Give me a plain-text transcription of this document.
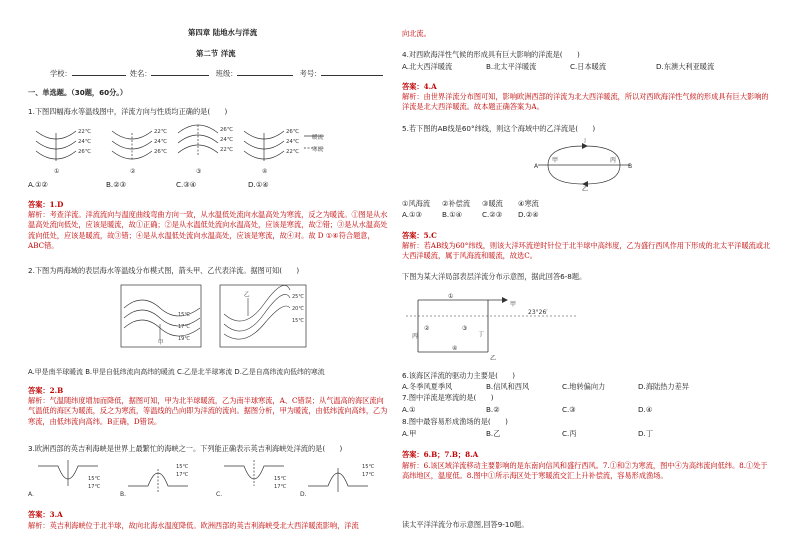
第四章 陆地水与洋流
第二节 洋流
学校：	姓名：	班级：	考号：
一、单选题。（30题，60分。）
1.下图四幅海水等温线图中，洋流方向与性质均正确的是(　　)
22℃
24℃
26℃
22℃
24℃
26℃
26℃
24℃
22℃
26℃
24℃
22℃
暖流
寒流
①	②	③	④
A.①②	B.②③	C.③④	D.①④
答案：1.D
解析：考查洋流。洋流流向与温度曲线弯曲方向一致，从水温低处流向水温高处为寒流，反之为暖流。①图是从水温高处流向低处，应该是暖流，故①正确；②是从水温低处流向水温高处，应该是寒流，故②错；③是从水温高处流向低处，应该是暖流，故③错；④是从水温低处流向水温高处，应该是寒流，故④对。故 D ①④符合题意，ABC错。
2.下图为两海域的表层海水等温线分布模式图，箭头甲、乙代表洋流。据图可知(　　)
甲
15℃
17℃
19℃
乙	25℃
20℃
15℃
A.甲是南半球暖流 B.甲是自低纬流向高纬的暖流 C.乙是北半球寒流 D.乙是自高纬流向低纬的寒流
答案：2.B
解析：气温随纬度增加而降低，据图可知，甲为北半球暖流，乙为南半球寒流，A、C错误；从气温高的海区流向气温低的海区为暖流，反之为寒流，等温线的凸向即为洋流的流向。据图分析，甲为暖流，由低纬流向高纬，乙为寒流，由低纬流向高纬。B正确，D错误。
3.欧洲西部的英吉利海峡是世界上最繁忙的海峡之一。下列能正确表示英吉利海峡处洋流的是(　　)
15℃
17℃
15℃
17℃
15℃
17℃
15℃
17℃
A.	B.	C.	D.
答案：3.A
解析：英吉利海峡位于北半球，故向北海水温度降低。欧洲西部的英吉利海峡受北大西洋暖流影响，洋流
向北流。
4.对西欧海洋性气候的形成具有巨大影响的洋流是(　　)
A.北大西洋暖流	B.北太平洋暖流	C.日本暖流	D.东澳大利亚暖流
答案：4.A
解析：由世界洋流分布图可知，影响欧洲西部的洋流为北大西洋暖流，所以对西欧海洋性气候的形成具有巨大影响的洋流是北大西洋暖流。故本题正确答案为A。
5.若下图的AB线是60°纬线，则这个海域中的乙洋流是(　　)
A	B
甲	丙
丁
乙
①风海流 ②补偿流 ③暖流 ④寒流
A.①③	B.①④	C.②③ D.②④
答案：5.C
解析：若AB线为60°纬线，则该大洋环流逆时针位于北半球中高纬度，乙为盛行西风作用下形成的北太平洋暖流或北大西洋暖流，属于风海流和暖流，故选C。
下图为某大洋局部表层洋流分布示意图，据此回答6-8题。
甲
乙
丙	丁
23°26′
①
②	③
④
6.该海区洋流的驱动力主要是(　　)
A.冬季风夏季风	B.信风和西风	C.地转偏向力	D.海陆热力差异
7.图中洋流是寒流的是(　　)
A.①	B.②	C.③	D.④
8.图中最容易形成渔场的是(　　)
A.甲	B.乙	C.丙	D.丁
答案：6.B；7.B；8.A
解析：6.该区域洋流移动主要影响的是东南向信风和盛行西风。7.①和②为寒流，图中④为高纬流向低纬。8.①处于高纬地区，温度低。8.图中①所示海区处于寒暖流交汇上升补偿流，容易形成渔场。
读太平洋洋流分布示意图,回答9-10题。
